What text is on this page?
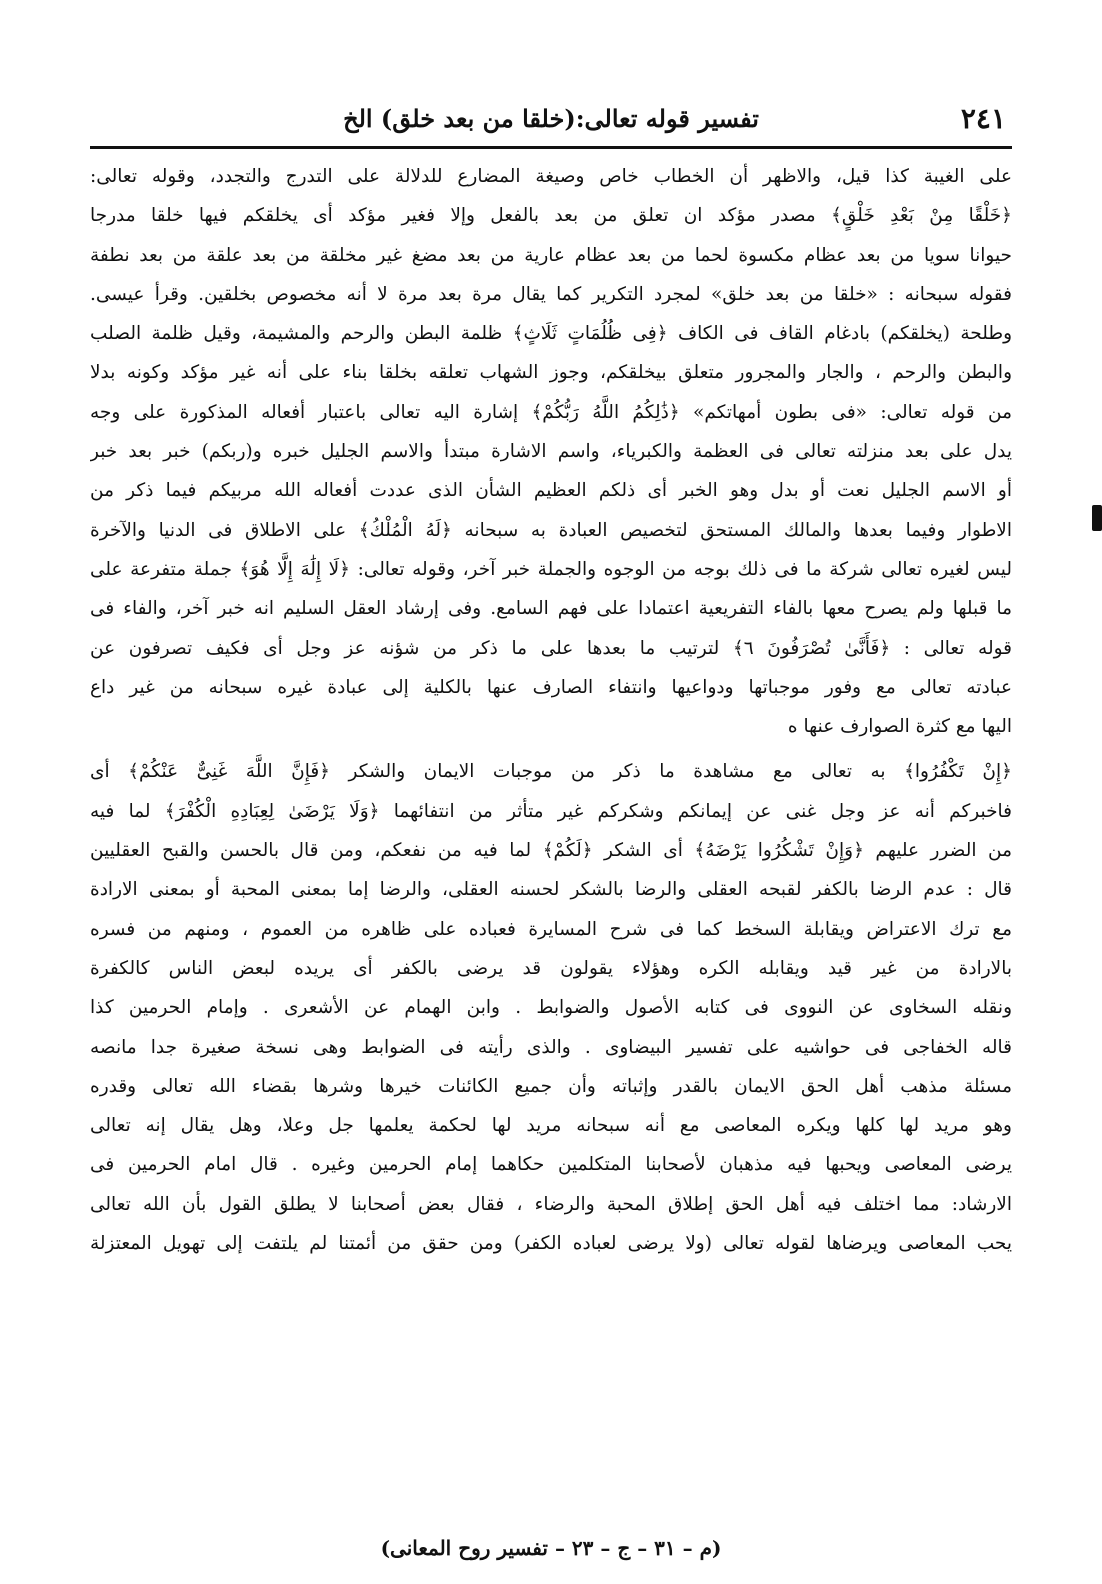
٢٤١
تفسير قوله تعالى:(خلقا من بعد خلق) الخ
على الغيبة كذا قيل، والاظهر أن الخطاب خاص وصيغة المضارع للدلالة على التدرج والتجدد، وقوله تعالى:
﴿خَلْقًا مِنْ بَعْدِ خَلْقٍ﴾ مصدر مؤكد ان تعلق من بعد بالفعل وإلا فغير مؤكد أى يخلقكم فيها خلقا مدرجا
حيوانا سويا من بعد عظام مكسوة لحما من بعد عظام عارية من بعد مضغ غير مخلقة من بعد علقة من بعد نطفة
فقوله سبحانه : «خلقا من بعد خلق» لمجرد التكرير كما يقال مرة بعد مرة لا أنه مخصوص بخلقين. وقرأ عيسى.
وطلحة (يخلقكم) بادغام القاف فى الكاف ﴿فِى ظُلُمَاتٍ ثَلَاثٍ﴾ ظلمة البطن والرحم والمشيمة، وقيل ظلمة الصلب
والبطن والرحم ، والجار والمجرور متعلق بيخلقكم، وجوز الشهاب تعلقه بخلقا بناء على أنه غير مؤكد وكونه بدلا
من قوله تعالى: «فى بطون أمهاتكم» ﴿ذَٰلِكُمُ اللَّهُ رَبُّكُمْ﴾ إشارة اليه تعالى باعتبار أفعاله المذكورة على وجه
يدل على بعد منزلته تعالى فى العظمة والكبرياء، واسم الاشارة مبتدأ والاسم الجليل خبره و(ربكم) خبر بعد خبر
أو الاسم الجليل نعت أو بدل وهو الخبر أى ذلكم العظيم الشأن الذى عددت أفعاله الله مربيكم فيما ذكر من
الاطوار وفيما بعدها والمالك المستحق لتخصيص العبادة به سبحانه ﴿لَهُ الْمُلْكُ﴾ على الاطلاق فى الدنيا والآخرة
ليس لغيره تعالى شركة ما فى ذلك بوجه من الوجوه والجملة خبر آخر، وقوله تعالى: ﴿لَا إِلَٰهَ إِلَّا هُوَ﴾ جملة متفرعة على
ما قبلها ولم يصرح معها بالفاء التفريعية اعتمادا على فهم السامع. وفى إرشاد العقل السليم انه خبر آخر، والفاء فى
قوله تعالى : ﴿فَأَنَّىٰ تُصْرَفُونَ ٦﴾ لترتيب ما بعدها على ما ذكر من شؤنه عز وجل أى فكيف تصرفون عن
عبادته تعالى مع وفور موجباتها ودواعيها وانتفاء الصارف عنها بالكلية إلى عبادة غيره سبحانه من غير داع
اليها مع كثرة الصوارف عنها ه
﴿إِنْ تَكْفُرُوا﴾ به تعالى مع مشاهدة ما ذكر من موجبات الايمان والشكر ﴿فَإِنَّ اللَّهَ غَنِىٌّ عَنْكُمْ﴾ أى
فاخبركم أنه عز وجل غنى عن إيمانكم وشكركم غير متأثر من انتفائهما ﴿وَلَا يَرْضَىٰ لِعِبَادِهِ الْكُفْرَ﴾ لما فيه
من الضرر عليهم ﴿وَإِنْ تَشْكُرُوا يَرْضَهُ﴾ أى الشكر ﴿لَكُمْ﴾ لما فيه من نفعكم، ومن قال بالحسن والقبح العقليين
قال : عدم الرضا بالكفر لقبحه العقلى والرضا بالشكر لحسنه العقلى، والرضا إما بمعنى المحبة أو بمعنى الارادة
مع ترك الاعتراض ويقابلة السخط كما فى شرح المسايرة فعباده على ظاهره من العموم ، ومنهم من فسره
بالارادة من غير قيد ويقابله الكره وهؤلاء يقولون قد يرضى بالكفر أى يريده لبعض الناس كالكفرة
ونقله السخاوى عن النووى فى كتابه الأصول والضوابط . وابن الهمام عن الأشعرى . وإمام الحرمين كذا
قاله الخفاجى فى حواشيه على تفسير البيضاوى . والذى رأيته فى الضوابط وهى نسخة صغيرة جدا مانصه
مسئلة مذهب أهل الحق الايمان بالقدر وإثباته وأن جميع الكائنات خيرها وشرها بقضاء الله تعالى وقدره
وهو مريد لها كلها ويكره المعاصى مع أنه سبحانه مريد لها لحكمة يعلمها جل وعلا، وهل يقال إنه تعالى
يرضى المعاصى ويحبها فيه مذهبان لأصحابنا المتكلمين حكاهما إمام الحرمين وغيره . قال امام الحرمين فى
الارشاد: مما اختلف فيه أهل الحق إطلاق المحبة والرضاء ، فقال بعض أصحابنا لا يطلق القول بأن الله تعالى
يحب المعاصى ويرضاها لقوله تعالى (ولا يرضى لعباده الكفر) ومن حقق من أئمتنا لم يلتفت إلى تهويل المعتزلة
(م – ٣١ – ج – ٢٣ – تفسير روح المعانى)
